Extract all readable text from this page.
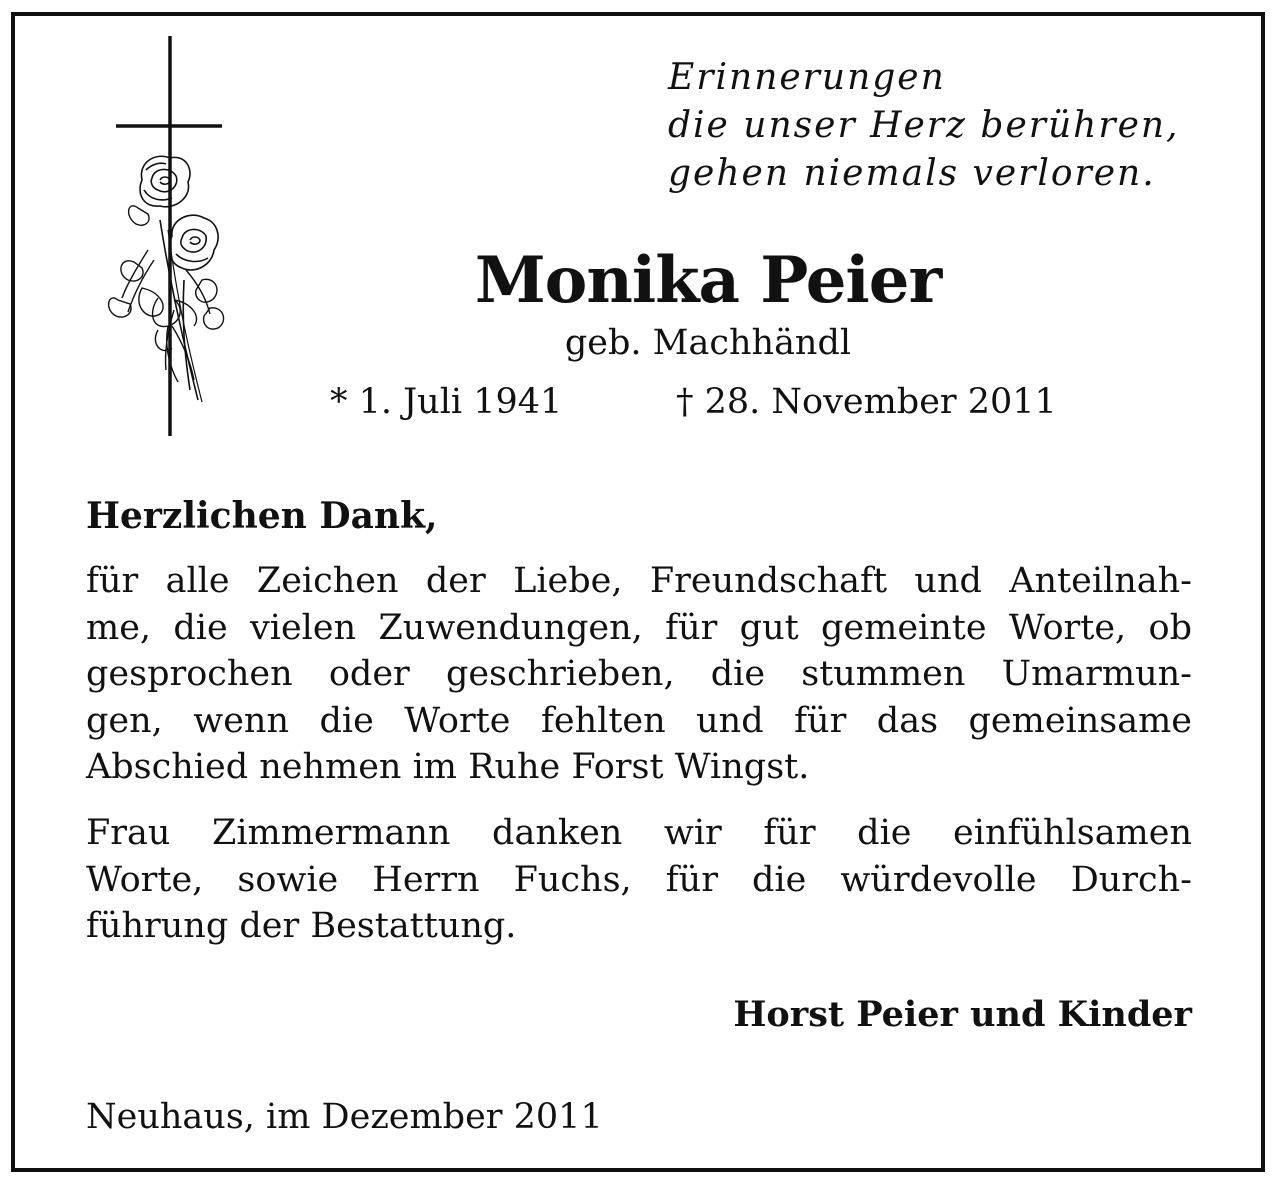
Erinnerungen
die unser Herz berühren,
gehen niemals verloren.
Monika Peier
geb. Machhändl
* 1. Juli 1941	† 28. November 2011
Herzlichen Dank,

für alle Zeichen der Liebe, Freundschaft und Anteilnah-
me, die vielen Zuwendungen, für gut gemeinte Worte, ob
gesprochen oder geschrieben, die stummen Umarmun-
gen, wenn die Worte fehlten und für das gemeinsame
Abschied nehmen im Ruhe Forst Wingst.

Frau Zimmermann danken wir für die einfühlsamen
Worte, sowie Herrn Fuchs, für die würdevolle Durch-
führung der Bestattung.

Horst Peier und Kinder
Neuhaus, im Dezember 2011
